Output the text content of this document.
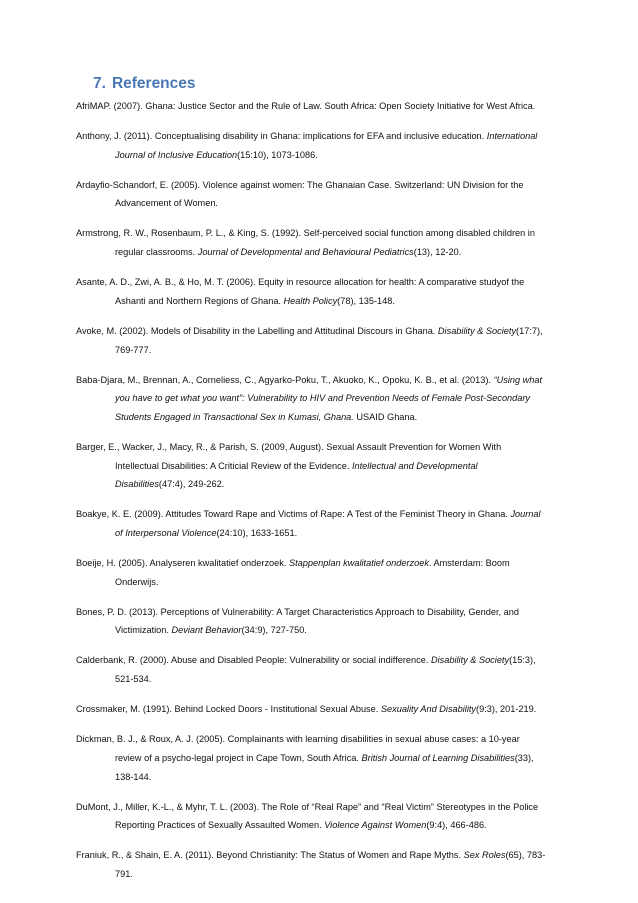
7. References
AfriMAP. (2007). Ghana: Justice Sector and the Rule of Law. South Africa: Open Society Initiative for West Africa.
Anthony, J. (2011). Conceptualising disability in Ghana: implications for EFA and inclusive education. International Journal of Inclusive Education(15:10), 1073-1086.
Ardayfio-Schandorf, E. (2005). Violence against women: The Ghanaian Case. Switzerland: UN Division for the Advancement of Women.
Armstrong, R. W., Rosenbaum, P. L., & King, S. (1992). Self-perceived social function among disabled children in regular classrooms. Journal of Developmental and Behavioural Pediatrics(13), 12-20.
Asante, A. D., Zwi, A. B., & Ho, M. T. (2006). Equity in resource allocation for health: A comparative studyof the Ashanti and Northern Regions of Ghana. Health Policy(78), 135-148.
Avoke, M. (2002). Models of Disability in the Labelling and Attitudinal Discours in Ghana. Disability & Society(17:7), 769-777.
Baba-Djara, M., Brennan, A., Corneliess, C., Agyarko-Poku, T., Akuoko, K., Opoku, K. B., et al. (2013). “Using what you have to get what you want”: Vulnerability to HIV and Prevention Needs of Female Post-Secondary Students Engaged in Transactional Sex in Kumasi, Ghana. USAID Ghana.
Barger, E., Wacker, J., Macy, R., & Parish, S. (2009, August). Sexual Assault Prevention for Women With Intellectual Disabilities: A Criticial Review of the Evidence. Intellectual and Developmental Disabilities(47:4), 249-262.
Boakye, K. E. (2009). Attitudes Toward Rape and Victims of Rape: A Test of the Feminist Theory in Ghana. Journal of Interpersonal Violence(24:10), 1633-1651.
Boeije, H. (2005). Analyseren kwalitatief onderzoek. Stappenplan kwalitatief onderzoek. Amsterdam: Boom Onderwijs.
Bones, P. D. (2013). Perceptions of Vulnerability: A Target Characteristics Approach to Disability, Gender, and Victimization. Deviant Behavior(34:9), 727-750.
Calderbank, R. (2000). Abuse and Disabled People: Vulnerability or social indifference. Disability & Society(15:3), 521-534.
Crossmaker, M. (1991). Behind Locked Doors - Institutional Sexual Abuse. Sexuality And Disability(9:3), 201-219.
Dickman, B. J., & Roux, A. J. (2005). Complainants with learning disabilities in sexual abuse cases: a 10-year review of a psycho-legal project in Cape Town, South Africa. British Journal of Learning Disabilities(33), 138-144.
DuMont, J., Miller, K.-L., & Myhr, T. L. (2003). The Role of “Real Rape” and “Real Victim” Stereotypes in the Police Reporting Practices of Sexually Assaulted Women. Violence Against Women(9:4), 466-486.
Franiuk, R., & Shain, E. A. (2011). Beyond Christianity: The Status of Women and Rape Myths. Sex Roles(65), 783-791.
